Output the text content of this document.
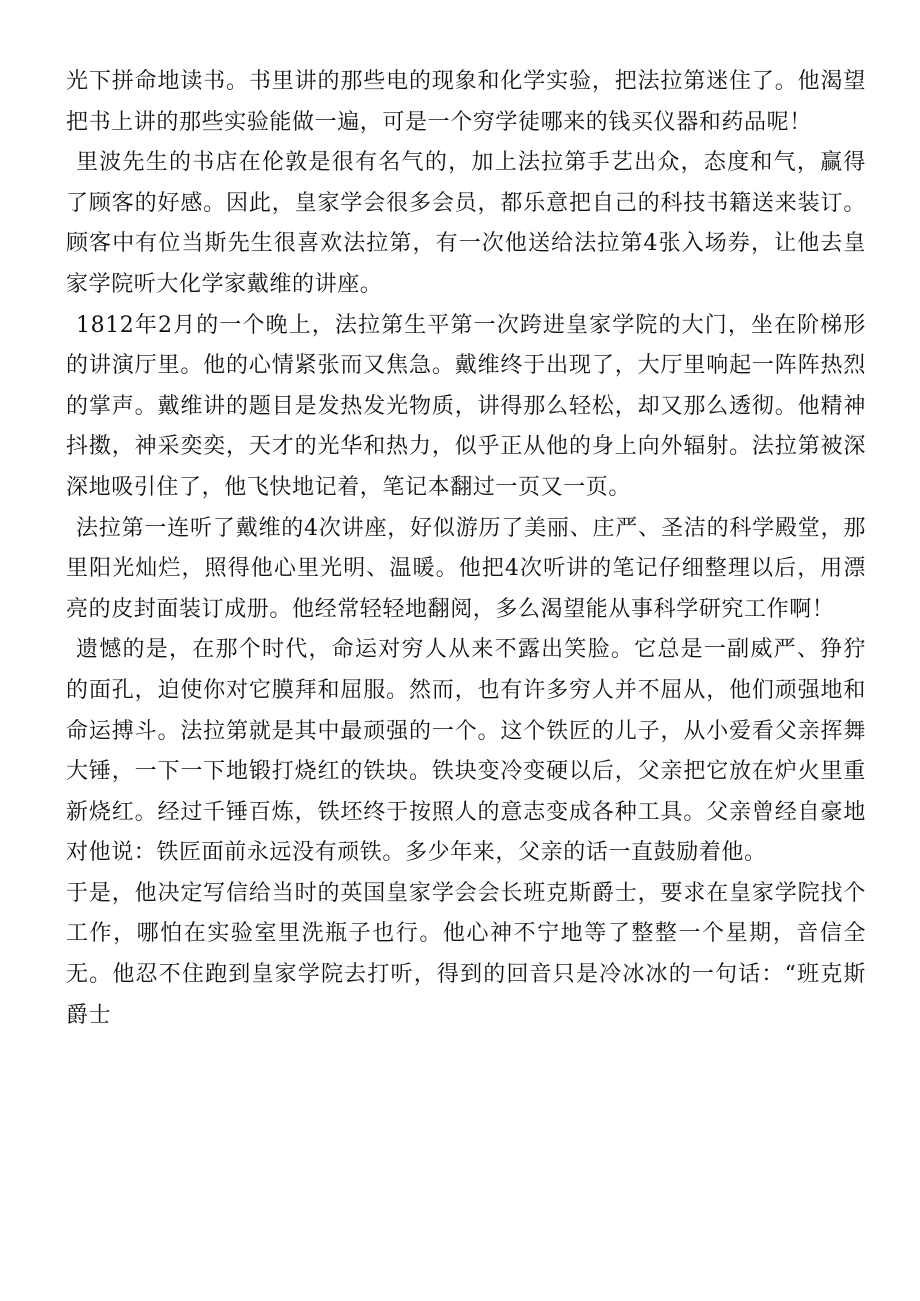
光下拼命地读书。书里讲的那些电的现象和化学实验，把法拉第迷住了。他渴望把书上讲的那些实验能做一遍，可是一个穷学徒哪来的钱买仪器和药品呢！

里波先生的书店在伦敦是很有名气的，加上法拉第手艺出众，态度和气，赢得了顾客的好感。因此，皇家学会很多会员，都乐意把自己的科技书籍送来装订。顾客中有位当斯先生很喜欢法拉第，有一次他送给法拉第4张入场券，让他去皇家学院听大化学家戴维的讲座。

1812年2月的一个晚上，法拉第生平第一次跨进皇家学院的大门，坐在阶梯形的讲演厅里。他的心情紧张而又焦急。戴维终于出现了，大厅里响起一阵阵热烈的掌声。戴维讲的题目是发热发光物质，讲得那么轻松，却又那么透彻。他精神抖擞，神采奕奕，天才的光华和热力，似乎正从他的身上向外辐射。法拉第被深深地吸引住了，他飞快地记着，笔记本翻过一页又一页。

法拉第一连听了戴维的4次讲座，好似游历了美丽、庄严、圣洁的科学殿堂，那里阳光灿烂，照得他心里光明、温暖。他把4次听讲的笔记仔细整理以后，用漂亮的皮封面装订成册。他经常轻轻地翻阅，多么渴望能从事科学研究工作啊！

遗憾的是，在那个时代，命运对穷人从来不露出笑脸。它总是一副威严、狰狞的面孔，迫使你对它膜拜和屈服。然而，也有许多穷人并不屈从，他们顽强地和命运搏斗。法拉第就是其中最顽强的一个。这个铁匠的儿子，从小爱看父亲挥舞大锤，一下一下地锻打烧红的铁块。铁块变冷变硬以后，父亲把它放在炉火里重新烧红。经过千锤百炼，铁坯终于按照人的意志变成各种工具。父亲曾经自豪地对他说：铁匠面前永远没有顽铁。多少年来，父亲的话一直鼓励着他。

于是，他决定写信给当时的英国皇家学会会长班克斯爵士，要求在皇家学院找个工作，哪怕在实验室里洗瓶子也行。他心神不宁地等了整整一个星期，音信全无。他忍不住跑到皇家学院去打听，得到的回音只是冷冰冰的一句话：“班克斯爵士
